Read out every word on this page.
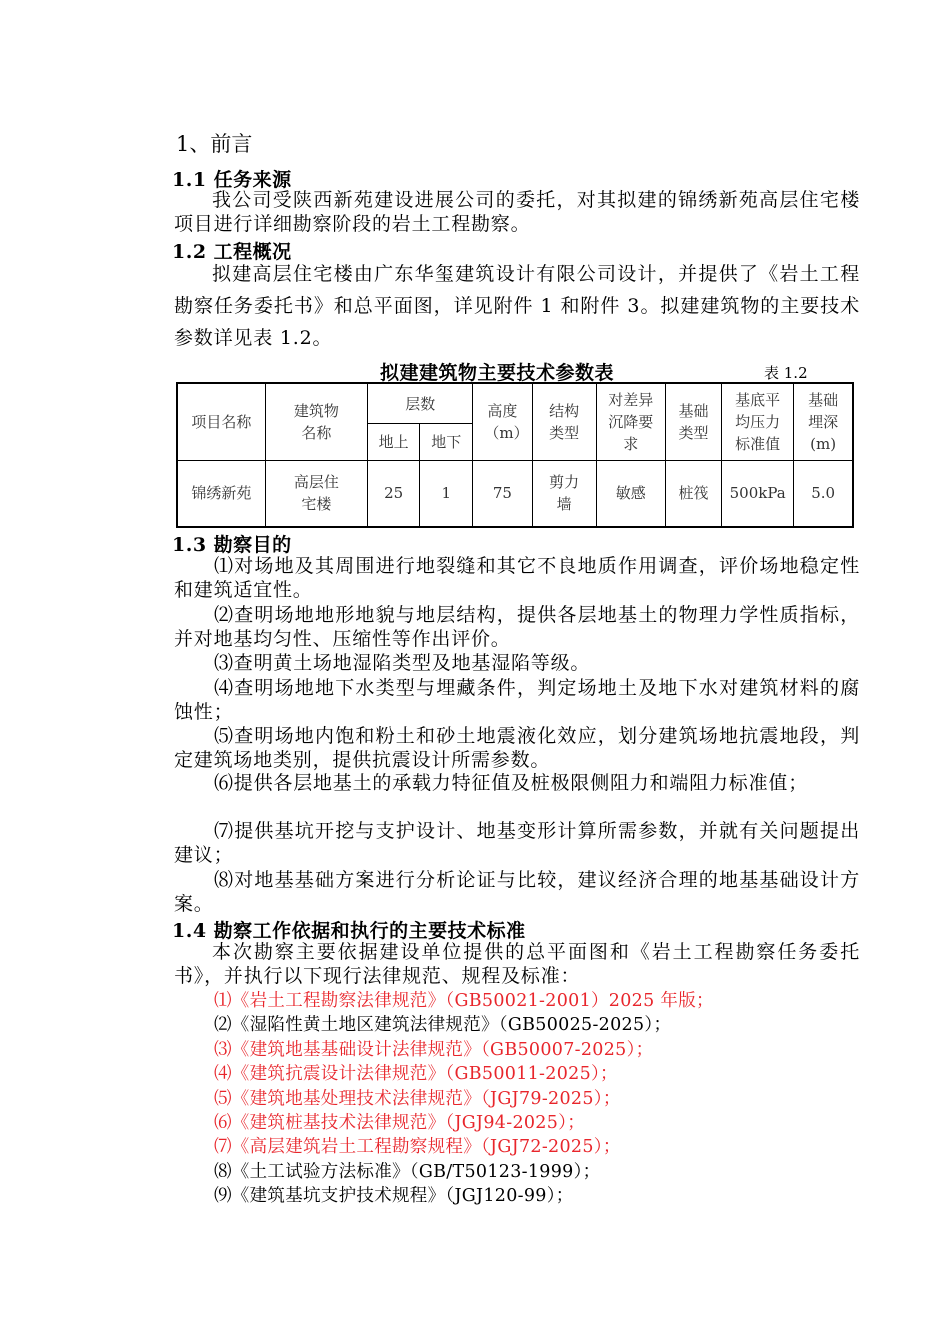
1、前言
1.1 任务来源
我公司受陕西新苑建设进展公司的委托，对其拟建的锦绣新苑高层住宅楼项目进行详细勘察阶段的岩土工程勘察。
1.2 工程概况
拟建高层住宅楼由广东华玺建筑设计有限公司设计，并提供了《岩土工程勘察任务委托书》和总平面图，详见附件 1 和附件 3。拟建建筑物的主要技术参数详见表 1.2。
拟建建筑物主要技术参数表	表 1.2
项目名称	建筑物名称	层数		高度（m）	结构类型	对差异沉降要求	基础类型	基底平均压力标准值	基础埋深(m)
		地上	地下						
锦绣新苑	高层住宅楼	25	1	75	剪力墙	敏感	桩筏	500kPa	5.0
1.3 勘察目的
⑴对场地及其周围进行地裂缝和其它不良地质作用调查，评价场地稳定性和建筑适宜性。
⑵查明场地地形地貌与地层结构，提供各层地基土的物理力学性质指标，并对地基均匀性、压缩性等作出评价。
⑶查明黄土场地湿陷类型及地基湿陷等级。
⑷查明场地地下水类型与埋藏条件，判定场地土及地下水对建筑材料的腐蚀性；
⑸查明场地内饱和粉土和砂土地震液化效应，划分建筑场地抗震地段，判定建筑场地类别，提供抗震设计所需参数。
⑹提供各层地基土的承载力特征值及桩极限侧阻力和端阻力标准值；
⑺提供基坑开挖与支护设计、地基变形计算所需参数，并就有关问题提出建议；
⑻对地基基础方案进行分析论证与比较，建议经济合理的地基基础设计方案。
1.4 勘察工作依据和执行的主要技术标准
本次勘察主要依据建设单位提供的总平面图和《岩土工程勘察任务委托书》，并执行以下现行法律规范、规程及标准：
⑴《岩土工程勘察法律规范》（GB50021-2001）2025 年版；
⑵《湿陷性黄土地区建筑法律规范》（GB50025-2025）；
⑶《建筑地基基础设计法律规范》（GB50007-2025）；
⑷《建筑抗震设计法律规范》（GB50011-2025）；
⑸《建筑地基处理技术法律规范》（JGJ79-2025）；
⑹《建筑桩基技术法律规范》（JGJ94-2025）；
⑺《高层建筑岩土工程勘察规程》（JGJ72-2025）；
⑻《土工试验方法标准》（GB/T50123-1999）；
⑼《建筑基坑支护技术规程》（JGJ120-99）；
